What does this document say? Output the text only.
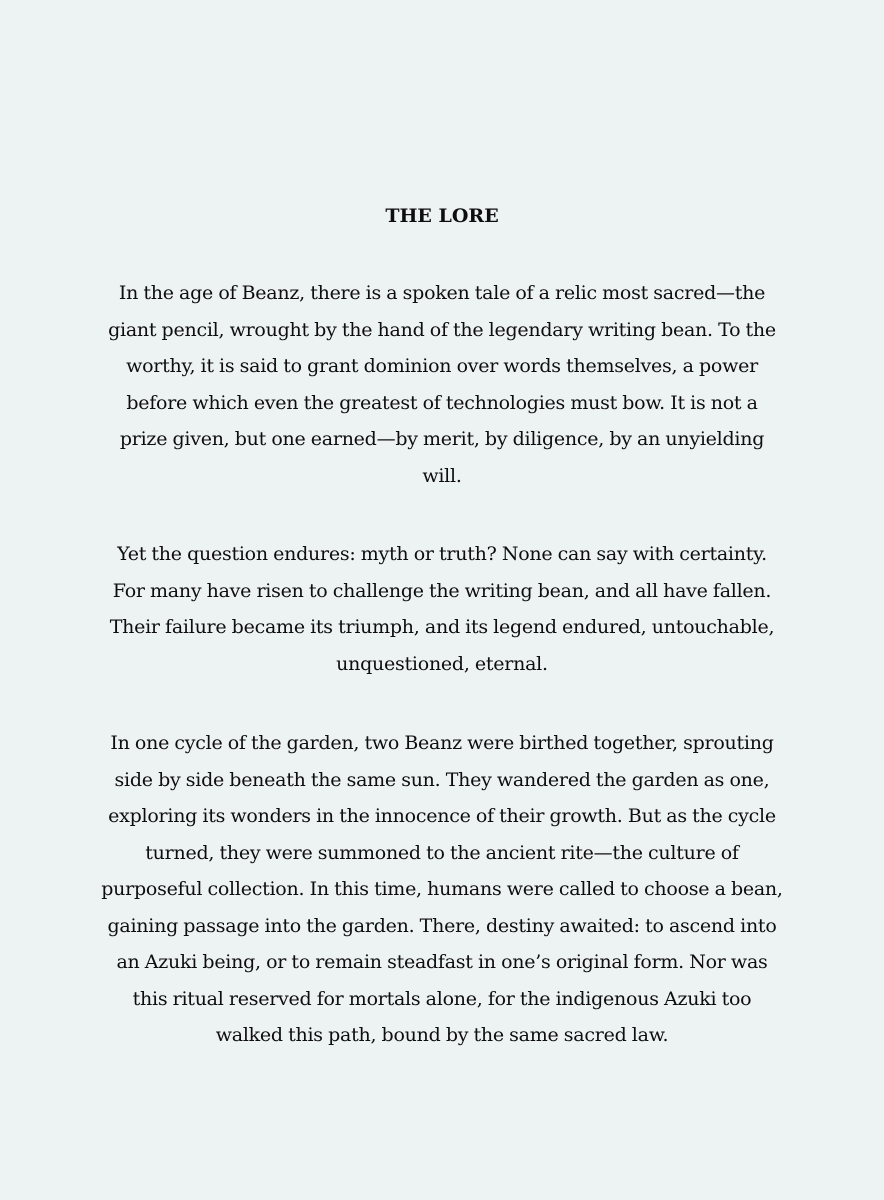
THE LORE

In the age of Beanz, there is a spoken tale of a relic most sacred—the
giant pencil, wrought by the hand of the legendary writing bean. To the
worthy, it is said to grant dominion over words themselves, a power
before which even the greatest of technologies must bow. It is not a
prize given, but one earned—by merit, by diligence, by an unyielding
will.

Yet the question endures: myth or truth? None can say with certainty.
For many have risen to challenge the writing bean, and all have fallen.
Their failure became its triumph, and its legend endured, untouchable,
unquestioned, eternal.

In one cycle of the garden, two Beanz were birthed together, sprouting
side by side beneath the same sun. They wandered the garden as one,
exploring its wonders in the innocence of their growth. But as the cycle
turned, they were summoned to the ancient rite—the culture of
purposeful collection. In this time, humans were called to choose a bean,
gaining passage into the garden. There, destiny awaited: to ascend into
an Azuki being, or to remain steadfast in one’s original form. Nor was
this ritual reserved for mortals alone, for the indigenous Azuki too
walked this path, bound by the same sacred law.
